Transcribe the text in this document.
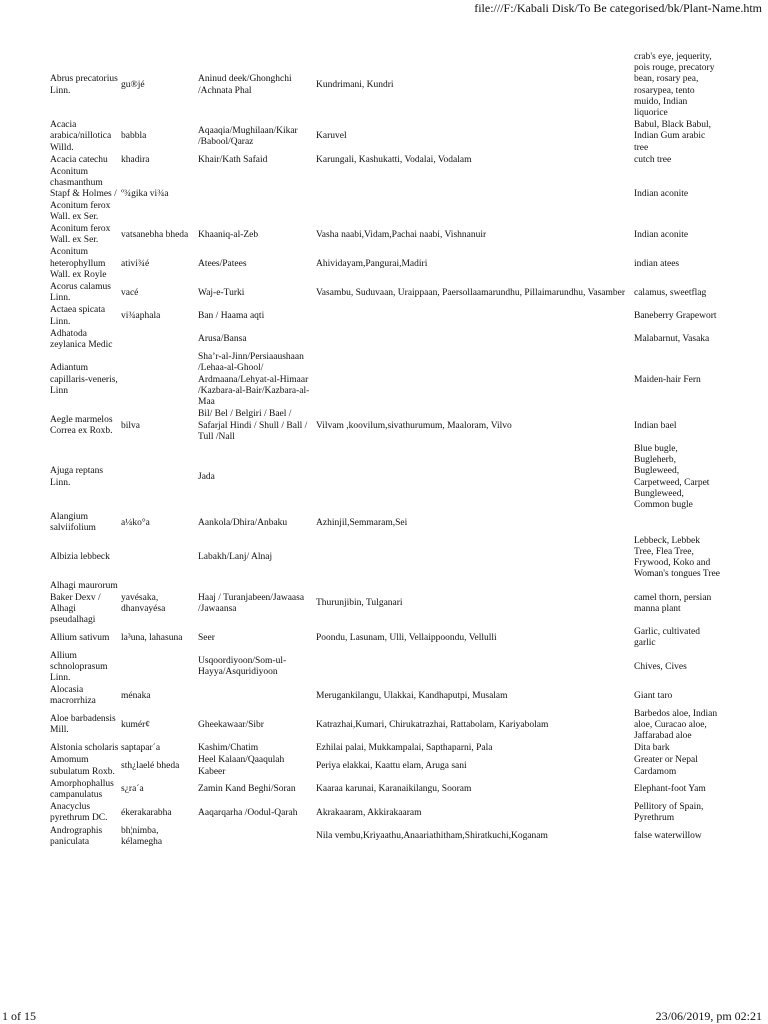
file:///F:/Kabali Disk/To Be categorised/bk/Plant-Name.htm
Abrus precatorius Linn.	gu®jé	Aninud deek/Ghonghchi /Achnata Phal	Kundrimani, Kundri	crab's eye, jequerity, pois rouge, precatory bean, rosary pea, rosarypea, tento muido, Indian liquorice
Acacia arabica/nillotica Willd.	babbla	Aqaaqia/Mughilaan/Kikar /Babool/Qaraz	Karuvel	Babul, Black Babul, Indian Gum arabic tree
Acacia catechu	khadira	Khair/Kath Safaid	Karungali, Kashukatti, Vodalai, Vodalam	cutch tree
Aconitum chasmanthum Stapf & Holmes / Aconitum ferox Wall. ex Ser.	º¾gika vi¾a			Indian aconite
Aconitum ferox Wall. ex Ser.	vatsanebha bheda	Khaaniq-al-Zeb	Vasha naabi,Vidam,Pachai naabi, Vishnanuir	Indian aconite
Aconitum heterophyllum Wall. ex Royle	ativi¾é	Atees/Patees	Ahividayam,Pangurai,Madiri	indian atees
Acorus calamus Linn.	vacé	Waj-e-Turki	Vasambu, Suduvaan, Uraippaan, Paersollaamarundhu, Pillaimarundhu, Vasamber	calamus, sweetflag
Actaea spicata Linn.	vi¾aphala	Ban / Haama aqti		Baneberry Grapewort
Adhatoda zeylanica Medic		Arusa/Bansa		Malabarnut, Vasaka
Adiantum capillaris-veneris, Linn		Sha’r-al-Jinn/Persiaaushaan /Lehaa-al-Ghool/ Ardmaana/Lehyat-al-Himaar /Kazbara-al-Bair/Kazbara-al-Maa		Maiden-hair Fern
Aegle marmelos Correa ex Roxb.	bilva	Bil/ Bel / Belgiri / Bael / Safarjal Hindi / Shull / Ball / Tull /Nall	Vilvam ,koovilum,sivathurumum, Maaloram, Vilvo	Indian bael
Ajuga reptans Linn.		Jada		Blue bugle, Bugleherb, Bugleweed, Carpetweed, Carpet Bungleweed, Common bugle
Alangium salviifolium	a¼ko°a	Aankola/Dhira/Anbaku	Azhinjil,Semmaram,Sei	
Albizia lebbeck		Labakh/Lanj/ Alnaj		Lebbeck, Lebbek Tree, Flea Tree, Frywood, Koko and Woman's tongues Tree
Alhagi maurorum Baker Dexv / Alhagi pseudalhagi	yavésaka, dhanvayésa	Haaj / Turanjabeen/Jawaasa /Jawaansa	Thurunjibin, Tulganari	camel thorn, persian manna plant
Allium sativum	la³una, lahasuna	Seer	Poondu, Lasunam, Ulli, Vellaippoondu, Vellulli	Garlic, cultivated garlic
Allium schnoloprasum Linn.		Usqoordiyoon/Som-ul-Hayya/Asquridiyoon		Chives, Cives
Alocasia macrorrhiza	ménaka		Merugankilangu, Ulakkai, Kandhaputpi, Musalam	Giant taro
Aloe barbadensis Mill.	kumér¢	Gheekawaar/Sibr	Katrazhai,Kumari, Chirukatrazhai, Rattabolam, Kariyabolam	Barbedos aloe, Indian aloe, Curacao aloe, Jaffarabad aloe
Alstonia scholaris	saptapar´a	Kashim/Chatim	Ezhilai palai, Mukkampalai, Sapthaparni, Pala	Dita bark
Amomum subulatum Roxb.	sth¿laelé bheda	Heel Kalaan/Qaaqulah Kabeer	Periya elakkai, Kaattu elam, Aruga sani	Greater or Nepal Cardamom
Amorphophallus campanulatus	s¿ra´a	Zamin Kand Beghi/Soran	Kaaraa karunai, Karanaikilangu, Sooram	Elephant-foot Yam
Anacyclus pyrethrum DC.	ékerakarabha	Aaqarqarha /Oodul-Qarah	Akrakaaram, Akkirakaaram	Pellitory of Spain, Pyrethrum
Andrographis paniculata	bh¦nimba, kélamegha		Nila vembu,Kriyaathu,Anaariathitham,Shiratkuchi,Koganam	false waterwillow
1 of 15	23/06/2019, pm 02:21
